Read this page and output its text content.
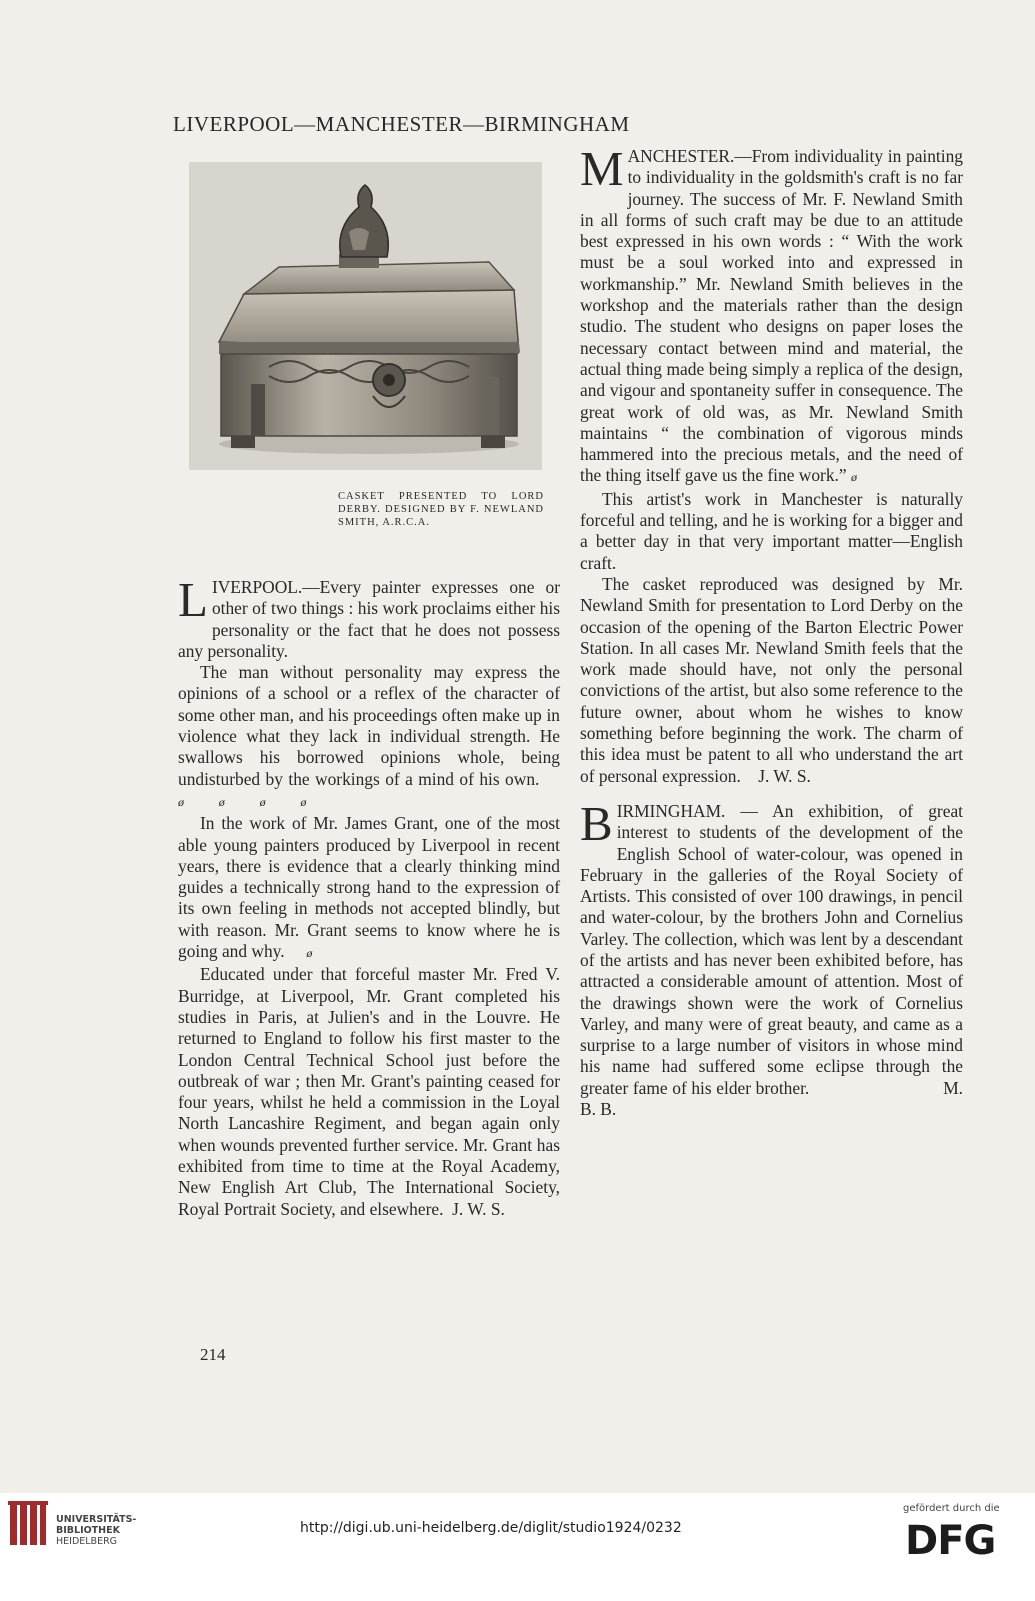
LIVERPOOL—MANCHESTER—BIRMINGHAM
CASKET PRESENTED TO LORD DERBY. DESIGNED BY F. NEWLAND SMITH, A.R.C.A.

LIVERPOOL.—Every painter expresses one or other of two things : his work proclaims either his personality or the fact that he does not possess any personality.

The man without personality may express the opinions of a school or a reflex of the character of some other man, and his proceedings often make up in violence what they lack in individual strength. He swallows his borrowed opinions whole, being undisturbed by the workings of a mind of his own.     ø	ø	ø	ø

In the work of Mr. James Grant, one of the most able young painters produced by Liverpool in recent years, there is evidence that a clearly thinking mind guides a technically strong hand to the expression of its own feeling in methods not accepted blindly, but with reason. Mr. Grant seems to know where he is going and why. ø

Educated under that forceful master Mr. Fred V. Burridge, at Liverpool, Mr. Grant completed his studies in Paris, at Julien's and in the Louvre. He returned to England to follow his first master to the London Central Technical School just before the outbreak of war ; then Mr. Grant's painting ceased for four years, whilst he held a commission in the Loyal North Lancashire Regiment, and began again only when wounds prevented further service. Mr. Grant has exhibited from time to time at the Royal Academy, New English Art Club, The International Society, Royal Portrait Society, and elsewhere. J. W. S.

214

MANCHESTER.—From individuality in painting to individuality in the goldsmith's craft is no far journey. The success of Mr. F. Newland Smith in all forms of such craft may be due to an attitude best expressed in his own words : “ With the work must be a soul worked into and expressed in workmanship.” Mr. Newland Smith believes in the workshop and the materials rather than the design studio. The student who designs on paper loses the necessary contact between mind and material, the actual thing made being simply a replica of the design, and vigour and spontaneity suffer in consequence. The great work of old was, as Mr. Newland Smith maintains “ the combination of vigorous minds hammered into the precious metals, and the need of the thing itself gave us the fine work.” ø

This artist's work in Manchester is naturally forceful and telling, and he is working for a bigger and a better day in that very important matter—English craft.

The casket reproduced was designed by Mr. Newland Smith for presentation to Lord Derby on the occasion of the opening of the Barton Electric Power Station. In all cases Mr. Newland Smith feels that the work made should have, not only the personal convictions of the artist, but also some reference to the future owner, about whom he wishes to know something before beginning the work. The charm of this idea must be patent to all who understand the art of personal expression. J. W. S.

BIRMINGHAM. — An exhibition, of great interest to students of the development of the English School of water-colour, was opened in February in the galleries of the Royal Society of Artists. This consisted of over 100 drawings, in pencil and water-colour, by the brothers John and Cornelius Varley. The collection, which was lent by a descendant of the artists and has never been exhibited before, has attracted a considerable amount of attention. Most of the drawings shown were the work of Cornelius Varley, and many were of great beauty, and came as a surprise to a large number of visitors in whose mind his name had suffered some eclipse through the greater fame of his elder brother.	M. B. B.

UNIVERSITÄTS-
BIBLIOTHEK
HEIDELBERG
http://digi.ub.uni-heidelberg.de/diglit/studio1924/0232
gefördert durch die
DFG
